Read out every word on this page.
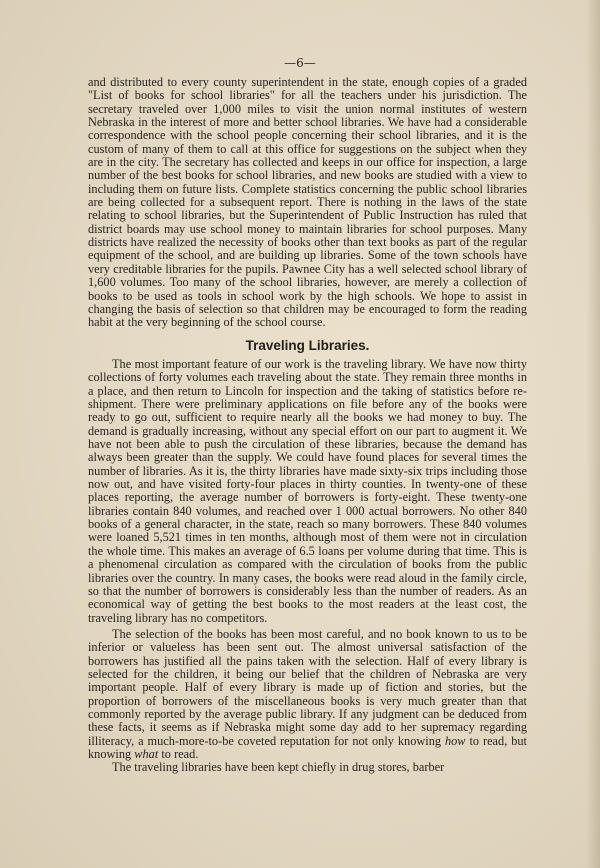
—6—

and distributed to every county superintendent in the state, enough copies of a graded "List of books for school libraries" for all the teachers under his jurisdiction. The secretary traveled over 1,000 miles to visit the union normal institutes of western Nebraska in the interest of more and better school libraries. We have had a considerable correspondence with the school people concerning their school libraries, and it is the custom of many of them to call at this office for suggestions on the subject when they are in the city. The secretary has collected and keeps in our office for inspection, a large number of the best books for school libraries, and new books are studied with a view to including them on future lists. Complete statistics concerning the public school libraries are being collected for a subsequent report. There is nothing in the laws of the state relating to school libraries, but the Superintendent of Public Instruction has ruled that district boards may use school money to maintain libraries for school purposes. Many districts have realized the necessity of books other than text books as part of the regular equipment of the school, and are building up libraries. Some of the town schools have very creditable libraries for the pupils. Pawnee City has a well selected school library of 1,600 volumes. Too many of the school libraries, however, are merely a collection of books to be used as tools in school work by the high schools. We hope to assist in changing the basis of selection so that children may be encouraged to form the reading habit at the very beginning of the school course.

Traveling Libraries.

The most important feature of our work is the traveling library. We have now thirty collections of forty volumes each traveling about the state. They remain three months in a place, and then return to Lincoln for inspection and the taking of statistics before re-shipment. There were preliminary applications on file before any of the books were ready to go out, sufficient to require nearly all the books we had money to buy. The demand is gradually increasing, without any special effort on our part to augment it. We have not been able to push the circulation of these libraries, because the demand has always been greater than the supply. We could have found places for several times the number of libraries. As it is, the thirty libraries have made sixty-six trips including those now out, and have visited forty-four places in thirty counties. In twenty-one of these places reporting, the average number of borrowers is forty-eight. These twenty-one libraries contain 840 volumes, and reached over 1 000 actual borrowers. No other 840 books of a general character, in the state, reach so many borrowers. These 840 volumes were loaned 5,521 times in ten months, although most of them were not in circulation the whole time. This makes an average of 6.5 loans per volume during that time. This is a phenomenal circulation as compared with the circulation of books from the public libraries over the country. In many cases, the books were read aloud in the family circle, so that the number of borrowers is considerably less than the number of readers. As an economical way of getting the best books to the most readers at the least cost, the traveling library has no competitors.

The selection of the books has been most careful, and no book known to us to be inferior or valueless has been sent out. The almost universal satisfaction of the borrowers has justified all the pains taken with the selection. Half of every library is selected for the children, it being our belief that the children of Nebraska are very important people. Half of every library is made up of fiction and stories, but the proportion of borrowers of the miscellaneous books is very much greater than that commonly reported by the average public library. If any judgment can be deduced from these facts, it seems as if Nebraska might some day add to her supremacy regarding illiteracy, a much-more-to-be coveted reputation for not only knowing how to read, but knowing what to read.

The traveling libraries have been kept chiefly in drug stores, barber
